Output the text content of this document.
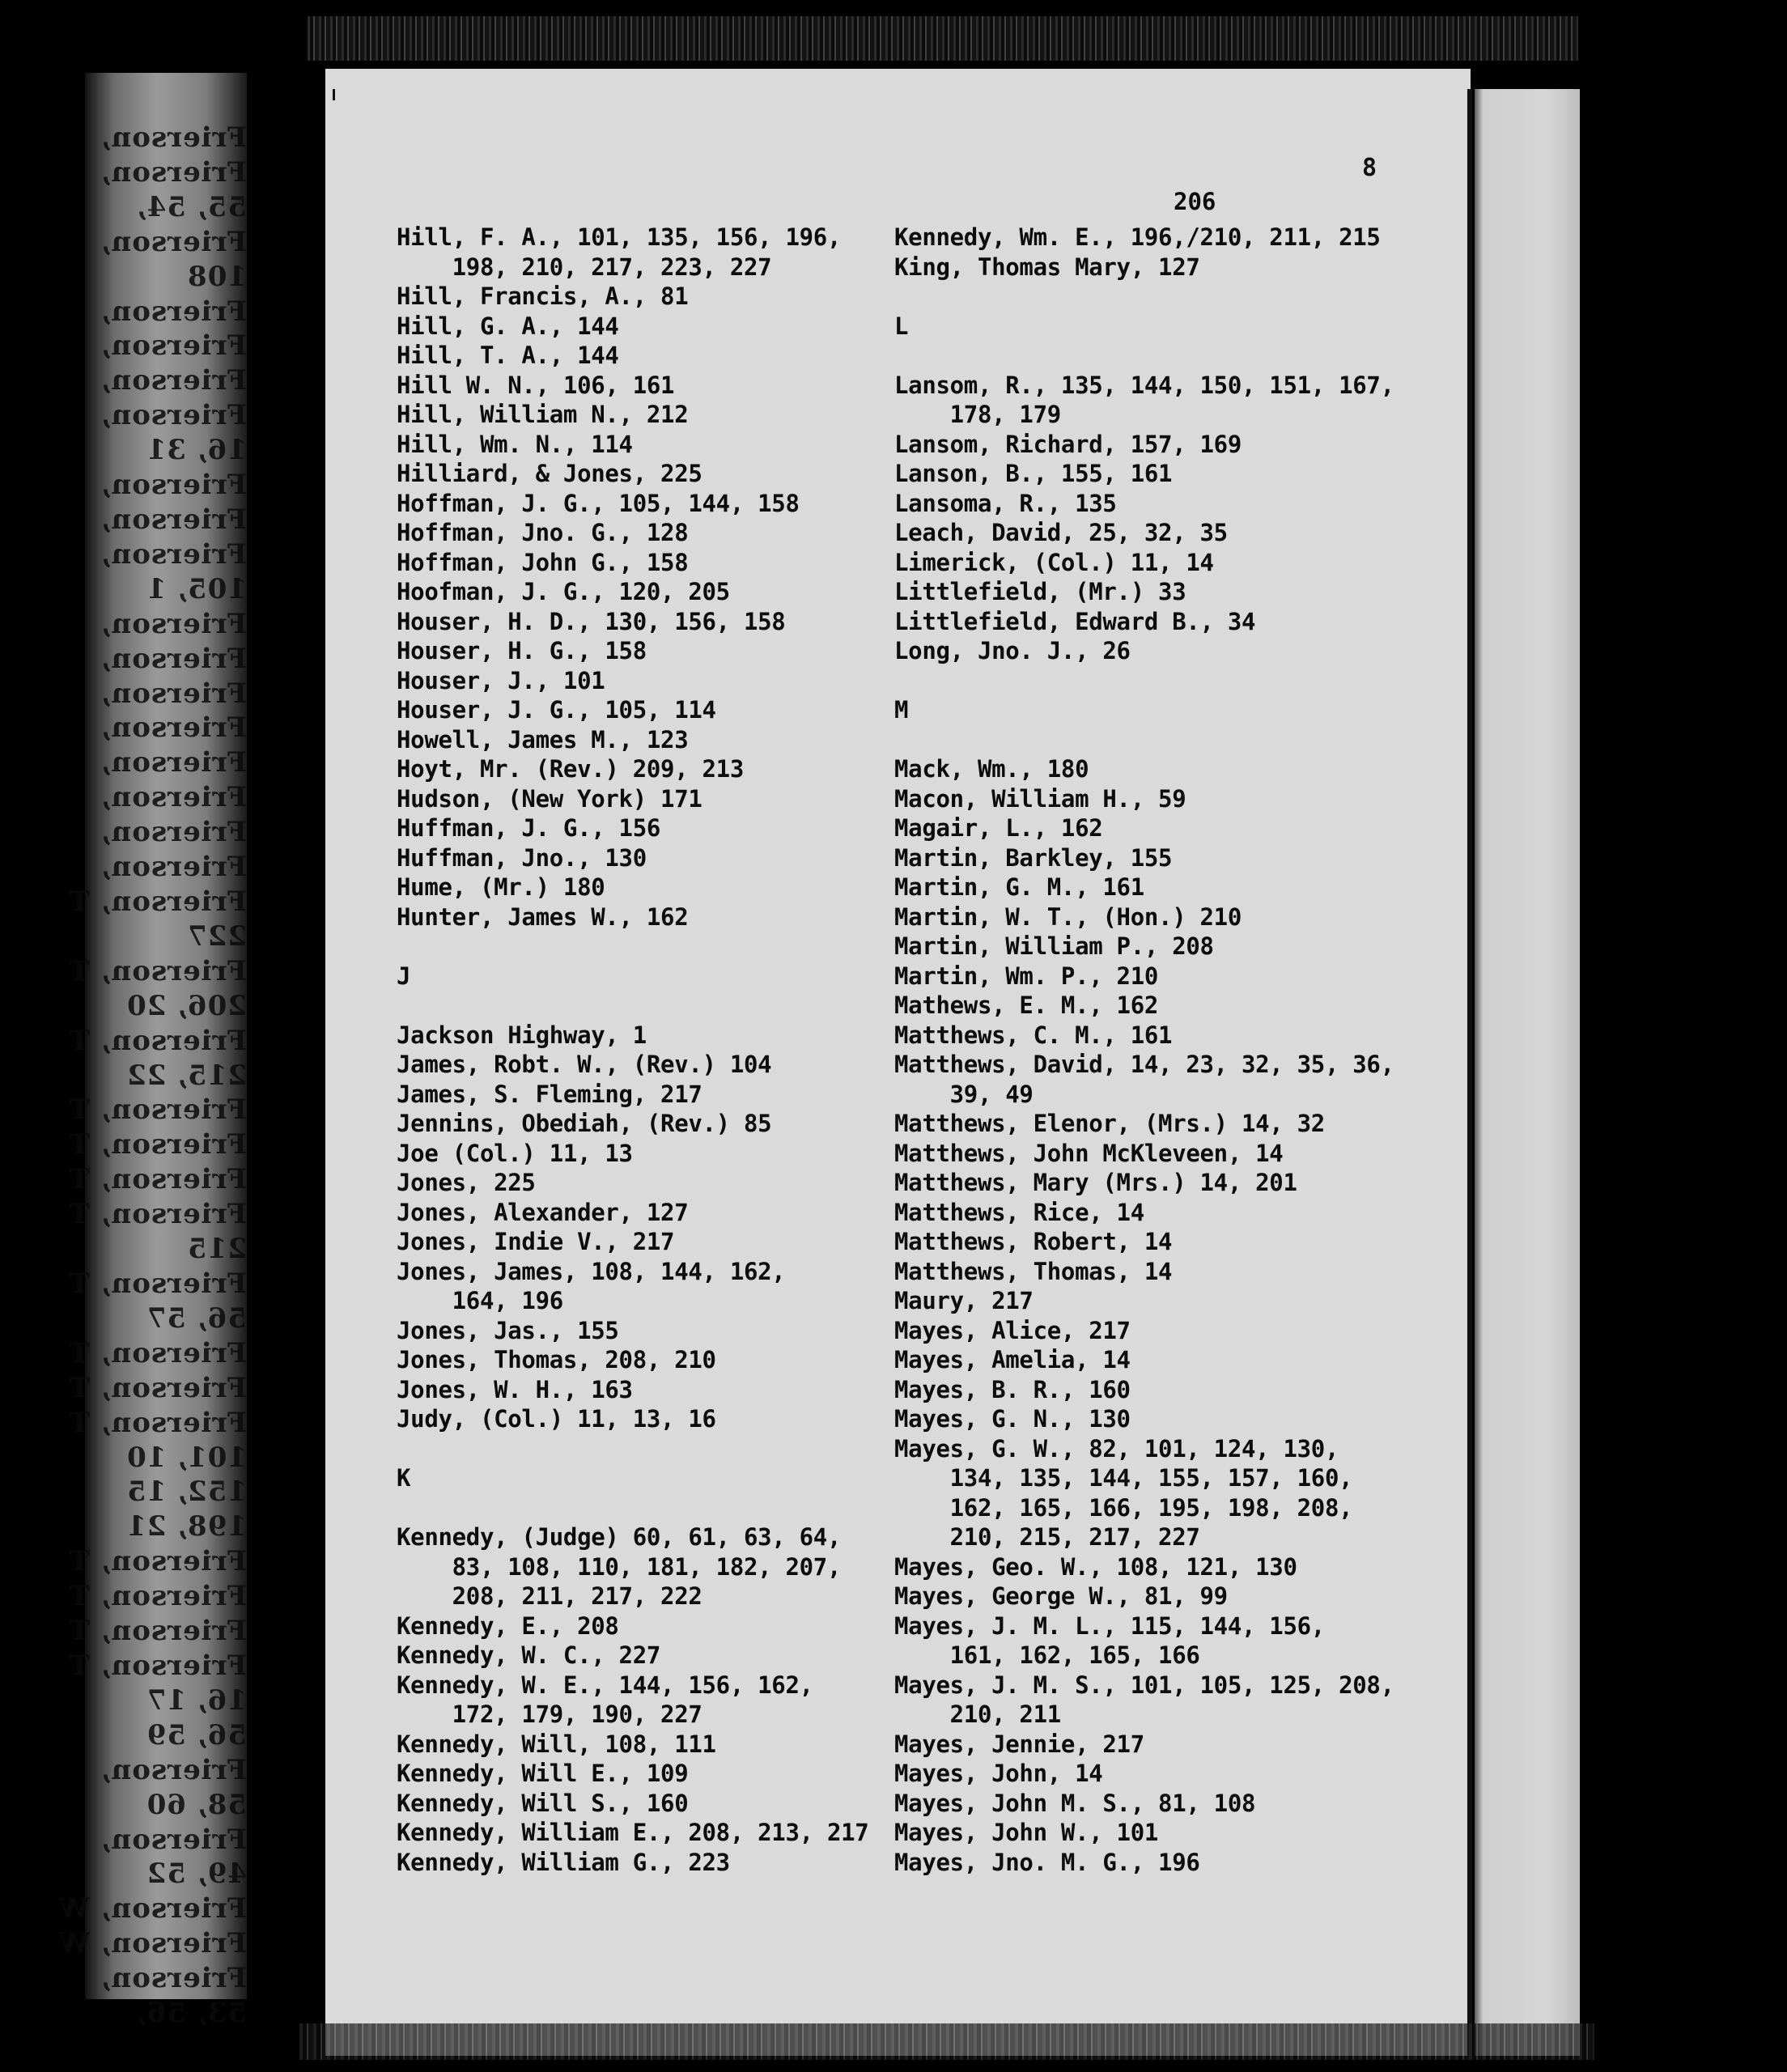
Frierson,
Frierson,
55, 54,
Frierson,
108
Frierson,
Frierson,
Frierson,
Frierson,
16, 31
Frierson,
Frierson,
Frierson,
105, 1
Frierson,
Frierson,
Frierson,
Frierson,
Frierson,
Frierson,
Frierson,
Frierson,
Frierson, T
227
Frierson, T
206, 20
Frierson, T
215, 22
Frierson, T
Frierson, T
Frierson, T
Frierson, T
215
Frierson, T
56, 57
Frierson, T
Frierson, T
Frierson, T
101, 10
152, 15
198, 21
Frierson, T
Frierson, T
Frierson, T
Frierson, T
16, 17
56, 59
Frierson,
58, 60
Frierson,
49, 52
Frierson, W
Frierson, W
Frierson,
53, 56,
8
206
Hill, F. A., 101, 135, 156, 196,
198, 210, 217, 223, 227
Hill, Francis, A., 81
Hill, G. A., 144
Hill, T. A., 144
Hill W. N., 106, 161
Hill, William N., 212
Hill, Wm. N., 114
Hilliard, & Jones, 225
Hoffman, J. G., 105, 144, 158
Hoffman, Jno. G., 128
Hoffman, John G., 158
Hoofman, J. G., 120, 205
Houser, H. D., 130, 156, 158
Houser, H. G., 158
Houser, J., 101
Houser, J. G., 105, 114
Howell, James M., 123
Hoyt, Mr. (Rev.) 209, 213
Hudson, (New York) 171
Huffman, J. G., 156
Huffman, Jno., 130
Hume, (Mr.) 180
Hunter, James W., 162
J
Jackson Highway, 1
James, Robt. W., (Rev.) 104
James, S. Fleming, 217
Jennins, Obediah, (Rev.) 85
Joe (Col.) 11, 13
Jones, 225
Jones, Alexander, 127
Jones, Indie V., 217
Jones, James, 108, 144, 162,
164, 196
Jones, Jas., 155
Jones, Thomas, 208, 210
Jones, W. H., 163
Judy, (Col.) 11, 13, 16
K
Kennedy, (Judge) 60, 61, 63, 64,
83, 108, 110, 181, 182, 207,
208, 211, 217, 222
Kennedy, E., 208
Kennedy, W. C., 227
Kennedy, W. E., 144, 156, 162,
172, 179, 190, 227
Kennedy, Will, 108, 111
Kennedy, Will E., 109
Kennedy, Will S., 160
Kennedy, William E., 208, 213, 217
Kennedy, William G., 223
Kennedy, Wm. E., 196,/210, 211, 215
King, Thomas Mary, 127
L
Lansom, R., 135, 144, 150, 151, 167,
178, 179
Lansom, Richard, 157, 169
Lanson, B., 155, 161
Lansoma, R., 135
Leach, David, 25, 32, 35
Limerick, (Col.) 11, 14
Littlefield, (Mr.) 33
Littlefield, Edward B., 34
Long, Jno. J., 26
M
Mack, Wm., 180
Macon, William H., 59
Magair, L., 162
Martin, Barkley, 155
Martin, G. M., 161
Martin, W. T., (Hon.) 210
Martin, William P., 208
Martin, Wm. P., 210
Mathews, E. M., 162
Matthews, C. M., 161
Matthews, David, 14, 23, 32, 35, 36,
39, 49
Matthews, Elenor, (Mrs.) 14, 32
Matthews, John McKleveen, 14
Matthews, Mary (Mrs.) 14, 201
Matthews, Rice, 14
Matthews, Robert, 14
Matthews, Thomas, 14
Maury, 217
Mayes, Alice, 217
Mayes, Amelia, 14
Mayes, B. R., 160
Mayes, G. N., 130
Mayes, G. W., 82, 101, 124, 130,
134, 135, 144, 155, 157, 160,
162, 165, 166, 195, 198, 208,
210, 215, 217, 227
Mayes, Geo. W., 108, 121, 130
Mayes, George W., 81, 99
Mayes, J. M. L., 115, 144, 156,
161, 162, 165, 166
Mayes, J. M. S., 101, 105, 125, 208,
210, 211
Mayes, Jennie, 217
Mayes, John, 14
Mayes, John M. S., 81, 108
Mayes, John W., 101
Mayes, Jno. M. G., 196
